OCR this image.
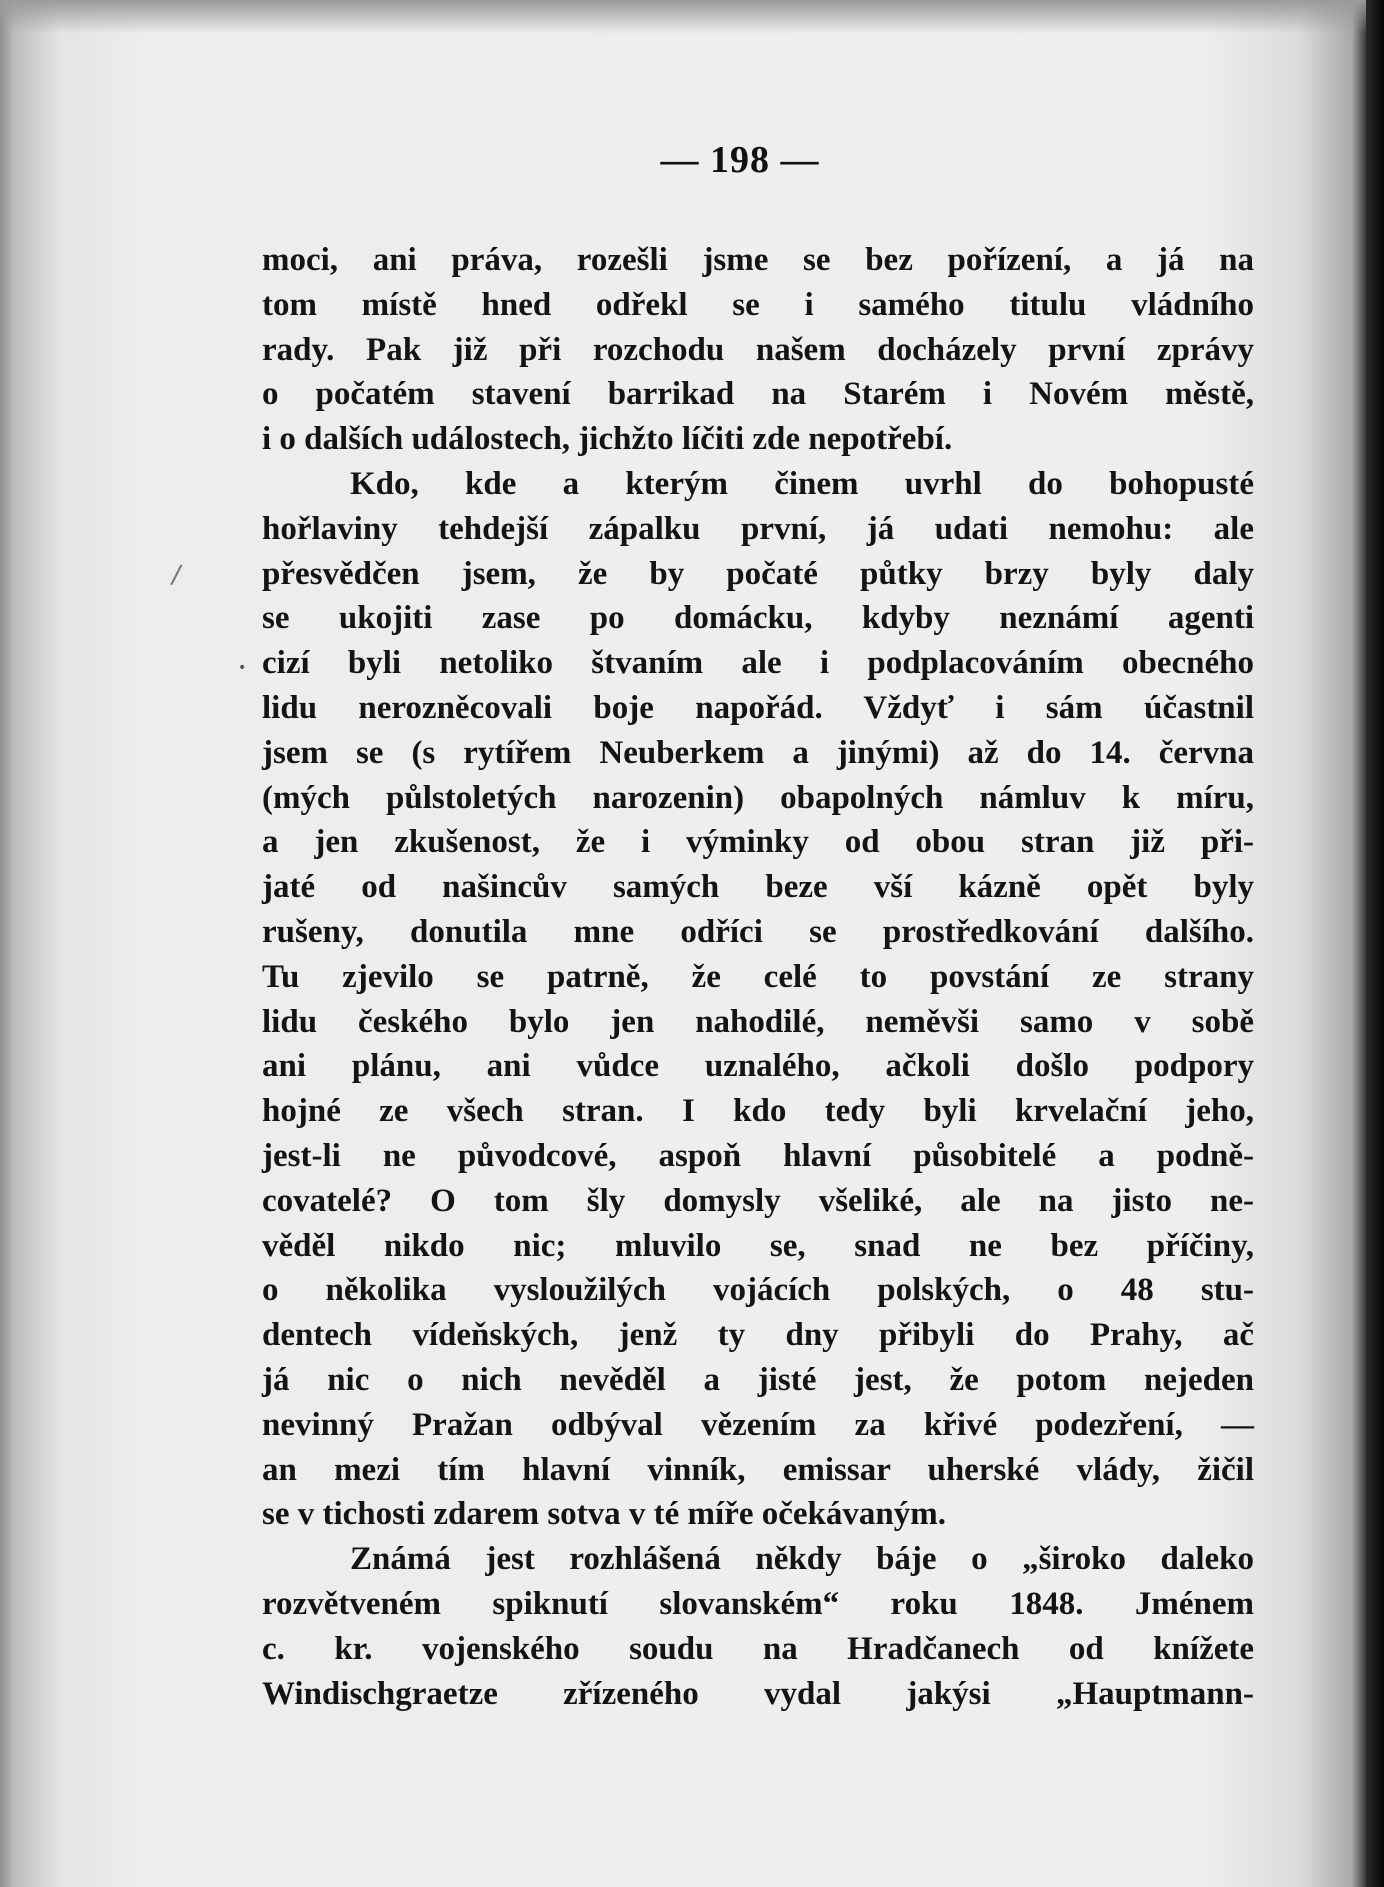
— 198 —
moci, ani práva, rozešli jsme se bez pořízení, a já na
tom místě hned odřekl se i samého titulu vládního
rady. Pak již při rozchodu našem docházely první zprávy
o počatém stavení barrikad na Starém i Novém městě,
i o dalších událostech, jichžto líčiti zde nepotřebí.
Kdo, kde a kterým činem uvrhl do bohopusté
hořlaviny tehdejší zápalku první, já udati nemohu: ale
přesvědčen jsem, že by počaté půtky brzy byly daly
se ukojiti zase po domácku, kdyby neznámí agenti
cizí byli netoliko štvaním ale i podplacováním obecného
lidu nerozněcovali boje napořád. Vždyť i sám účastnil
jsem se (s rytířem Neuberkem a jinými) až do 14. června
(mých půlstoletých narozenin) obapolných námluv k míru,
a jen zkušenost, že i výminky od obou stran již při-
jaté od našincův samých beze vší kázně opět byly
rušeny, donutila mne odříci se prostředkování dalšího.
Tu zjevilo se patrně, že celé to povstání ze strany
lidu českého bylo jen nahodilé, neměvši samo v sobě
ani plánu, ani vůdce uznalého, ačkoli došlo podpory
hojné ze všech stran. I kdo tedy byli krvelační jeho,
jest-li ne původcové, aspoň hlavní působitelé a podně-
covatelé? O tom šly domysly všeliké, ale na jisto ne-
věděl nikdo nic; mluvilo se, snad ne bez příčiny,
o několika vysloužilých vojácích polských, o 48 stu-
dentech vídeňských, jenž ty dny přibyli do Prahy, ač
já nic o nich nevěděl a jisté jest, že potom nejeden
nevinný Pražan odbýval vězením za křivé podezření, —
an mezi tím hlavní vinník, emissar uherské vlády, žičil
se v tichosti zdarem sotva v té míře očekávaným.
Známá jest rozhlášená někdy báje o „široko daleko
rozvětveném spiknutí slovanském“ roku 1848. Jménem
c. kr. vojenského soudu na Hradčanech od knížete
Windischgraetze zřízeného vydal jakýsi „Hauptmann-
/
•
